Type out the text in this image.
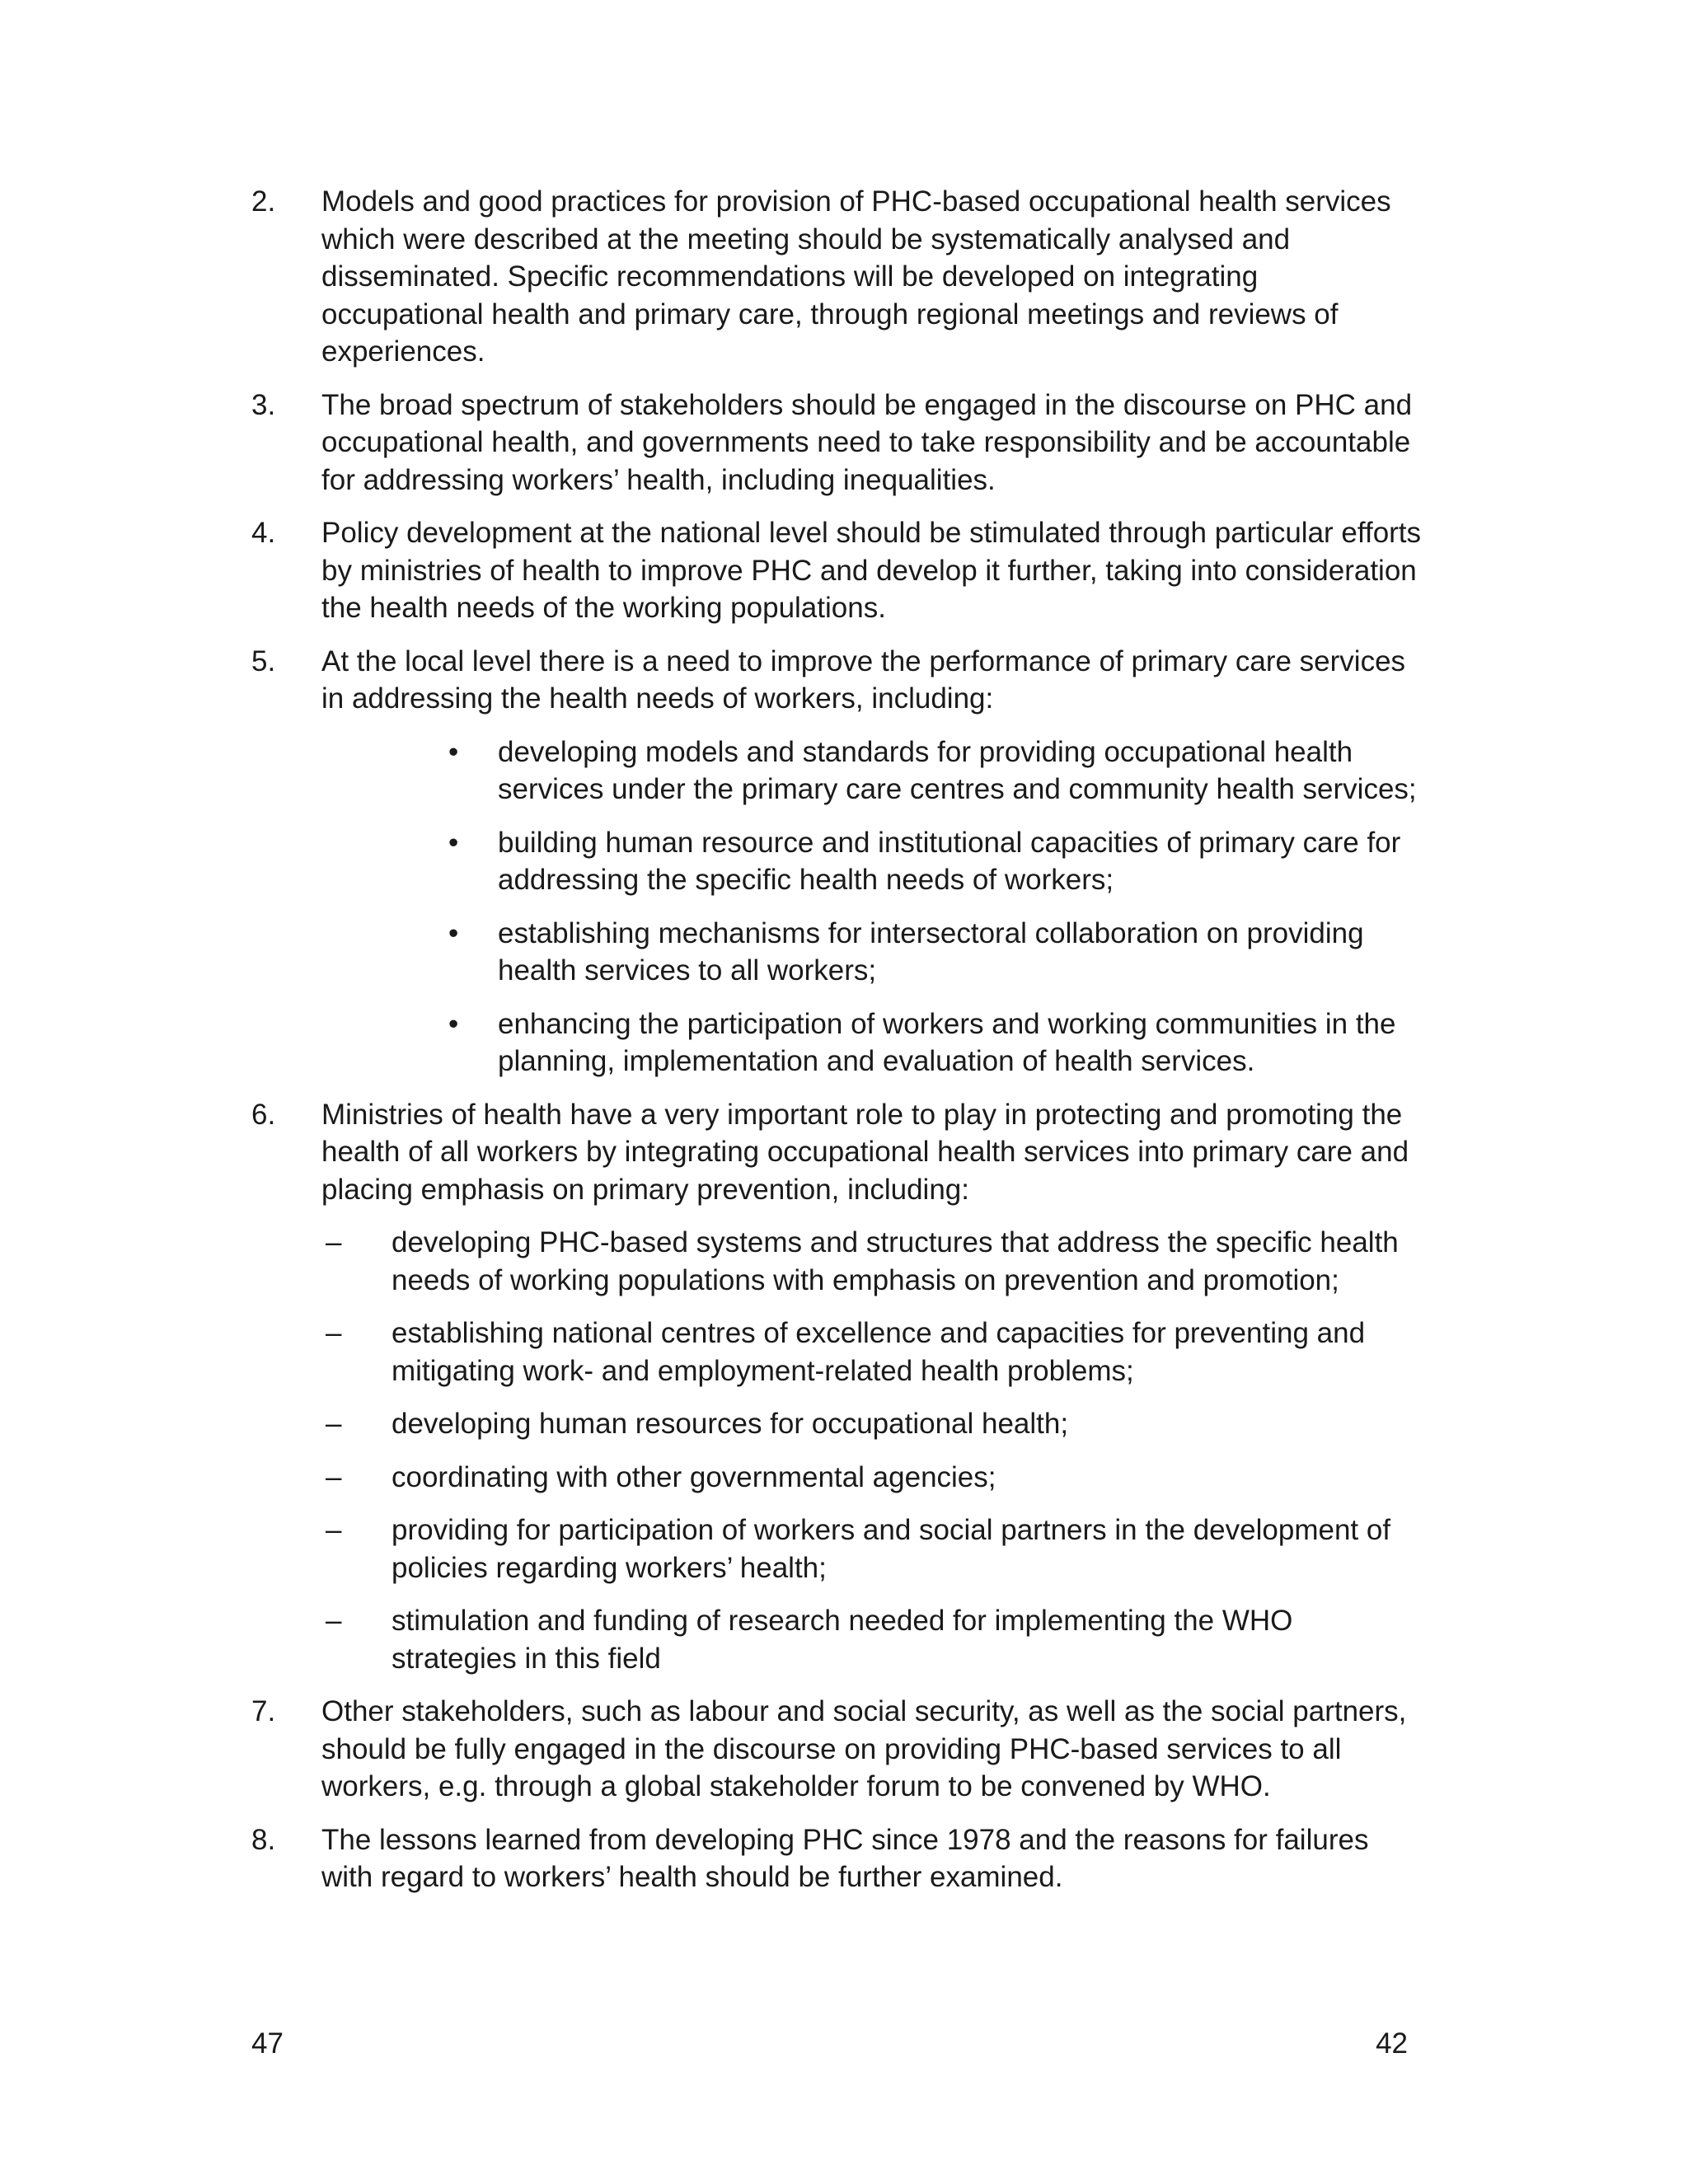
2. Models and good practices for provision of PHC-based occupational health services which were described at the meeting should be systematically analysed and disseminated. Specific recommendations will be developed on integrating occupational health and primary care, through regional meetings and reviews of experiences.
3. The broad spectrum of stakeholders should be engaged in the discourse on PHC and occupational health, and governments need to take responsibility and be accountable for addressing workers’ health, including inequalities.
4. Policy development at the national level should be stimulated through particular efforts by ministries of health to improve PHC and develop it further, taking into consideration the health needs of the working populations.
5. At the local level there is a need to improve the performance of primary care services in addressing the health needs of workers, including:
• developing models and standards for providing occupational health services under the primary care centres and community health services;
• building human resource and institutional capacities of primary care for addressing the specific health needs of workers;
• establishing mechanisms for intersectoral collaboration on providing health services to all workers;
• enhancing the participation of workers and working communities in the planning, implementation and evaluation of health services.
6. Ministries of health have a very important role to play in protecting and promoting the health of all workers by integrating occupational health services into primary care and placing emphasis on primary prevention, including:
– developing PHC-based systems and structures that address the specific health needs of working populations with emphasis on prevention and promotion;
– establishing national centres of excellence and capacities for preventing and mitigating work- and employment-related health problems;
– developing human resources for occupational health;
– coordinating with other governmental agencies;
– providing for participation of workers and social partners in the development of policies regarding workers’ health;
– stimulation and funding of research needed for implementing the WHO strategies in this field
7. Other stakeholders, such as labour and social security, as well as the social partners, should be fully engaged in the discourse on providing PHC-based services to all workers, e.g. through a global stakeholder forum to be convened by WHO.
8. The lessons learned from developing PHC since 1978 and the reasons for failures with regard to workers’ health should be further examined.
47	42
